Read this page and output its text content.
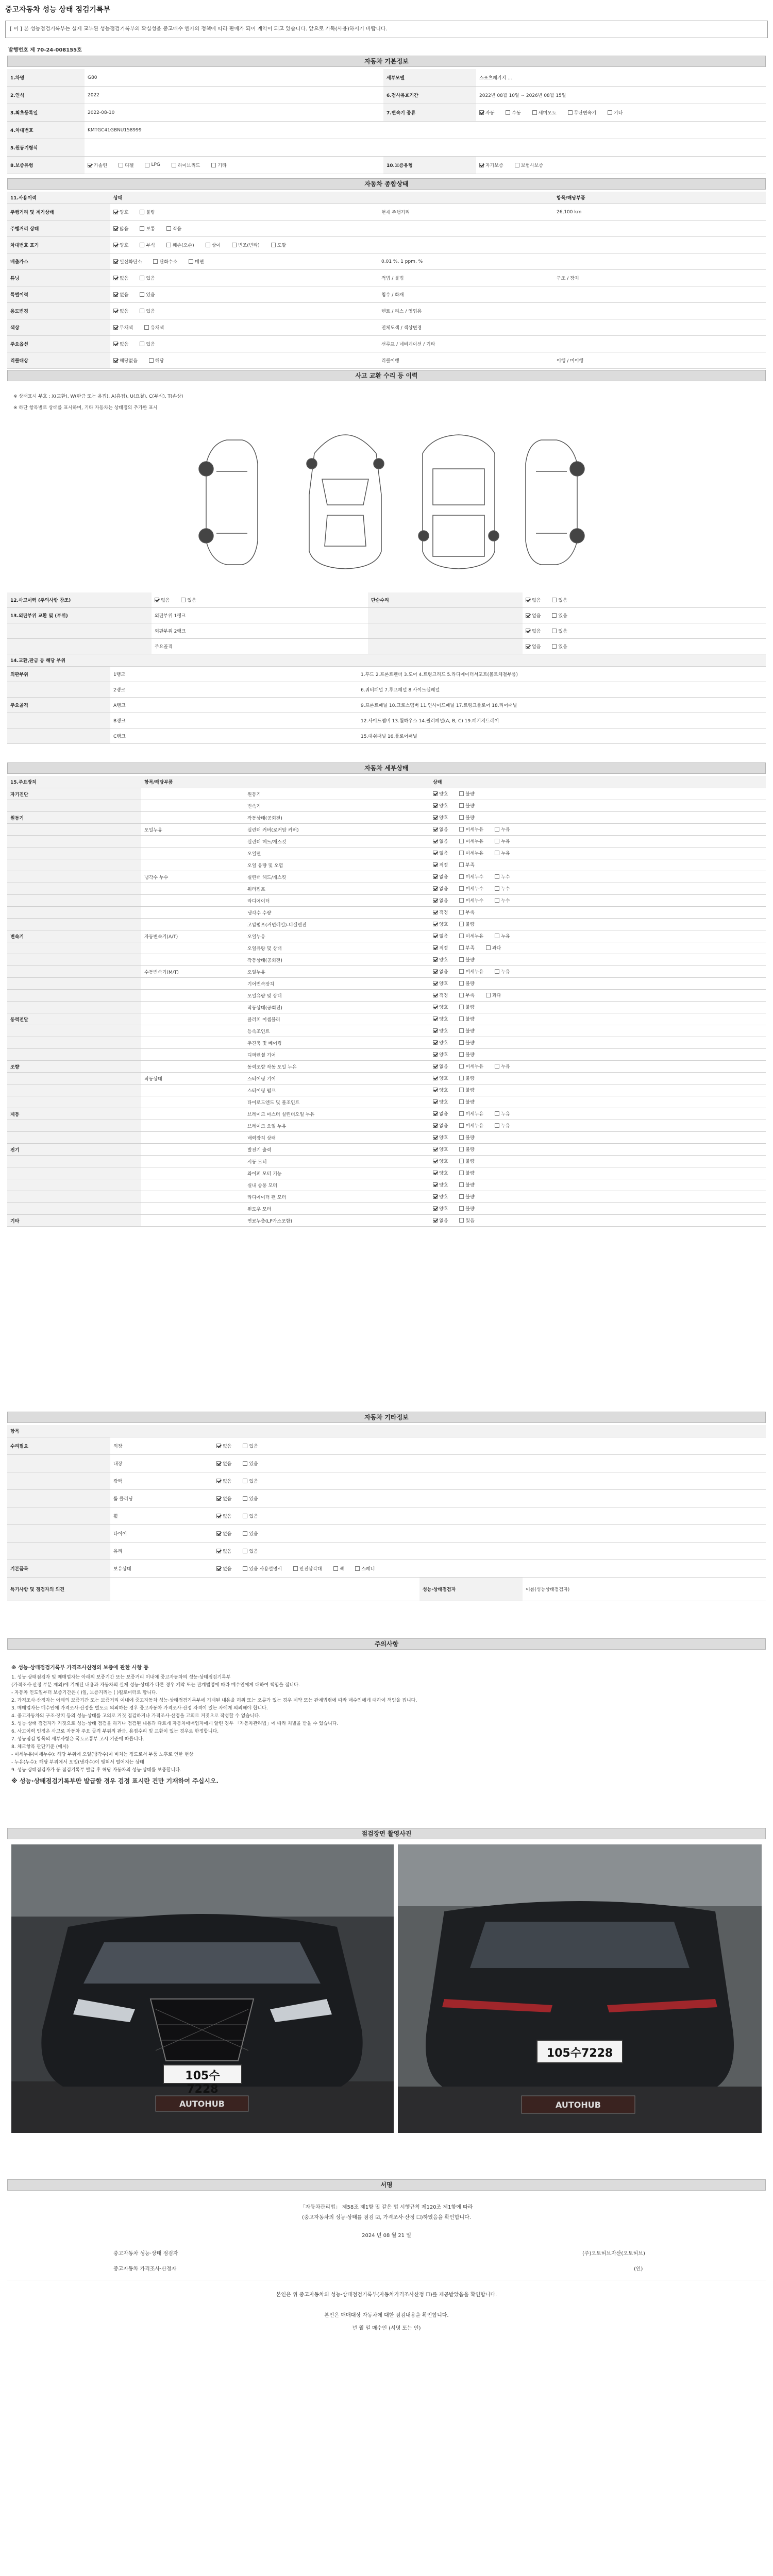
중고자동차 성능 상태 점검기록부
[ 이 ] 본 성능점검기록부는 실제 교부된 성능점검기록부의 확실성을 중고매수 엔카의 정책에 따라 판매가 되어 계약이 되고 있습니다. 앞으로 가독(사용)하시기 바랍니다.
발행번호 제 70-24-008155호
자동차 기본정보
1.차명	G80	세부모델	스포츠패키지 ...
2.연식	2022	6.검사유효기간	2022년 08월 10일 ~ 2026년 08월 15일
3.최초등록일	2022-08-10	7.변속기 종류	자동	수동	세미오토	무단변속기	기타
4.차대번호	KMTGC41GBNU158999
5.원동기형식
8.보증유형	가솔린	디젤	LPG	하이브리드	기타	10.보증유형	자가보증	보험사보증
자동차 종합상태
11.사용이력	상태	항목/해당부품
주행거리 및 계기상태	양호	불량	현재 주행거리	26,100 km
주행거리 상태	많음	보통	적음
차대번호 표기	양호	부식	훼손(오손)	상이	변조(변타)	도말
배출가스	일산화탄소	탄화수소	매연	0.01 %, 1 ppm, %
튜닝	없음	있음	적법 / 불법	구조 / 장치
특별이력	없음	있음	침수 / 화재
용도변경	없음	있음	렌트 / 리스 / 영업용
색상	무채색	유채색	전체도색 / 색상변경
주요옵션	없음	있음	선루프 / 네비게이션 / 기타
리콜대상	해당없음	해당	리콜이행	이행 / 미이행
사고 교환 수리 등 이력
※ 상태표시 부호 : X(교환), W(판금 또는 용접), A(흠집), U(요철), C(부식), T(손상)
※ 하단 항목별로 상태를 표시하며, 기타 자동차는 상태정의 추가한 표시
12.사고이력 (주의사항 참조)	없음	있음	단순수리	없음	있음
13.외판부위 교환 및 (부위)	외판부위 1랭크	없음	있음
외판부위 2랭크	없음	있음
주요골격	없음	있음
14.교환,판금 등 해당 부위
외판부위	1랭크	1.후드 2.프론트펜더 3.도어 4.트렁크리드 5.라디에이터서포트(볼트체결부품)
2랭크	6.쿼터패널 7.루프패널 8.사이드실패널
주요골격	A랭크	9.프론트패널 10.크로스멤버 11.인사이드패널 17.트렁크플로어 18.리어패널
B랭크	12.사이드멤버 13.휠하우스 14.필러패널(A, B, C) 19.패키지트레이
C랭크	15.대쉬패널 16.플로어패널
자동차 세부상태
15.주요장치	항목/해당부품	상태
자기진단	원동기	양호	불량
변속기	양호	불량
원동기	작동상태(공회전)	양호	불량
오일누유	실린더 커버(로커암 커버)	없음	미세누유	누유
실린더 헤드/개스킷	없음	미세누유	누유
오일팬	없음	미세누유	누유
오일 유량 및 오염	적정	부족
냉각수 누수	실린더 헤드/개스킷	없음	미세누수	누수
워터펌프	없음	미세누수	누수
라디에이터	없음	미세누수	누수
냉각수 수량	적정	부족
고압펌프(커먼레일)-디젤엔진	양호	불량
변속기	자동변속기(A/T)	오일누유	없음	미세누유	누유
오일유량 및 상태	적정	부족	과다
작동상태(공회전)	양호	불량
수동변속기(M/T)	오일누유	없음	미세누유	누유
기어변속장치	양호	불량
오일유량 및 상태	적정	부족	과다
작동상태(공회전)	양호	불량
동력전달	클러치 어셈블리	양호	불량
등속조인트	양호	불량
추진축 및 베어링	양호	불량
디퍼렌셜 기어	양호	불량
조향	동력조향 작동 오일 누유	없음	미세누유	누유
작동상태	스티어링 기어	양호	불량
스티어링 펌프	양호	불량
타이로드엔드 및 볼조인트	양호	불량
제동	브레이크 마스터 실린더오일 누유	없음	미세누유	누유
브레이크 오일 누유	없음	미세누유	누유
배력장치 상태	양호	불량
전기	발전기 출력	양호	불량
시동 모터	양호	불량
와이퍼 모터 기능	양호	불량
실내 송풍 모터	양호	불량
라디에이터 팬 모터	양호	불량
윈도우 모터	양호	불량
기타	연료누출(LP가스포함)	없음	있음
자동차 기타정보
항목
수리필요	외장	없음	있음
내장	없음	있음
광택	없음	있음
룸 클리닝	없음	있음
휠	없음	있음
타이어	없음	있음
유리	없음	있음
기본품목	보유상태	없음	있음 사용설명서	안전삼각대	잭	스패너
특기사항 및 점검자의 의견	성능·상태점검자	이름(성능상태점검자)
주의사항
※ 성능·상태점검기록부 가격조사산정의 보증에 관한 사항 등
1. 성능·상태점검자 및 매매업자는 아래의 보증기간 또는 보증거리 이내에 중고자동차의 성능·상태점검기록부
(가격조사·산정 부분 제외)에 기재된 내용과 자동차의 실제 성능·상태가 다른 경우 계약 또는 관계법령에 따라 매수인에게 대하여 책임을 집니다.
- 자동차 인도일부터 보증기간은 ( )일, 보증거리는 ( )킬로미터로 합니다.
2. 가격조사·산정자는 아래의 보증기간 또는 보증거리 이내에 중고자동차 성능·상태점검기록부에 기재된 내용을 허위 또는 오류가 있는 경우 계약 또는 관계법령에 따라 매수인에게 대하여 책임을 집니다.
3. 매매업자는 매수인에 가격조사·산정을 별도로 의뢰하는 경우 중고자동차 가격조사·산정 자격이 있는 자에게 의뢰해야 합니다.
4. 중고자동차의 구조·장치 등의 성능·상태를 고의로 거짓 점검하거나 가격조사·산정을 고의로 거짓으로 작성할 수 없습니다.
5. 성능·상태 점검자가 거짓으로 성능·상태 점검을 하거나 점검된 내용과 다르게 자동차매매업자에게 알린 경우 「자동차관리법」에 따라 처벌을 받을 수 있습니다.
6. 사고이력 인정은 사고로 자동차 주요 골격 부위의 판금, 용접수리 및 교환이 있는 경우로 한정합니다.
7. 성능점검 항목의 세부사항은 국토교통부 고시 기준에 따릅니다.
8. 체크항목 판단기준 (예시)
- 미세누유(미세누수): 해당 부위에 오일(냉각수)이 비치는 정도로서 부품 노후로 인한 현상
- 누유(누수): 해당 부위에서 오일(냉각수)이 맺혀서 떨어지는 상태
9. 성능·상태점검자가 동 점검기록부 발급 후 해당 자동차의 성능·상태를 보증합니다.
※ 성능·상태점검기록부만 발급할 경우 검정 표시란 건만 기재하여 주십시오.
점검장면 촬영사진
105수7228
AUTOHUB
105수7228
AUTOHUB
서명
「자동차관리법」 제58조 제1항 및 같은 법 시행규칙 제120조 제1항에 따라
(중고자동차의 성능·상태를 점검 ☑, 가격조사·산정 ☐)하였음을 확인합니다.
2024 년 08 월 21 일
중고자동차 성능·상태 점검자	(주)오토허브자산(오토허브)
중고자동차 가격조사·산정자	(인)
본인은 위 중고자동차의 성능·상태점검기록부(자동차가격조사산정 ☐)를 제공받았음을 확인합니다.
본인은 매매대상 자동차에 대한 점검내용을 확인합니다.
년 월 일 매수인 (서명 또는 인)
